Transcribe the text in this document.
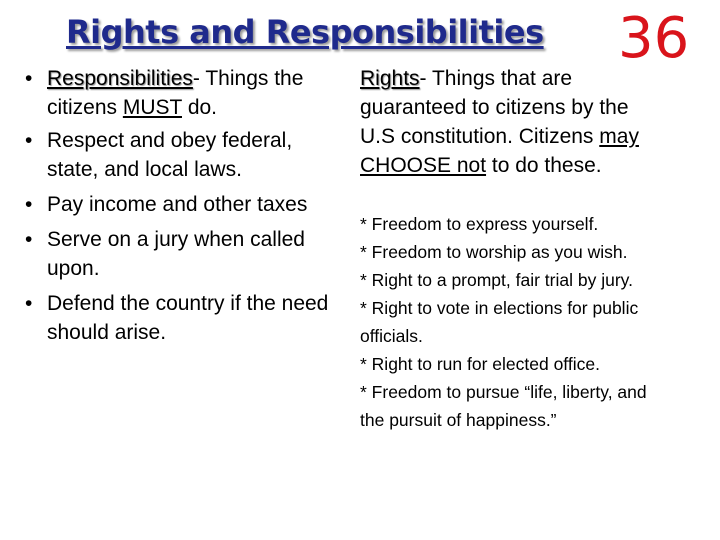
Rights and Responsibilities 36
• Responsibilities- Things the citizens MUST do.
• Respect and obey federal, state, and local laws.
• Pay income and other taxes
• Serve on a jury when called upon.
• Defend the country if the need should arise.
Rights- Things that are guaranteed to citizens by the U.S constitution. Citizens may CHOOSE not to do these.

* Freedom to express yourself.

* Freedom to worship as you wish.

* Right to a prompt, fair trial by jury.

* Right to vote in elections for public officials.

* Right to run for elected office.

* Freedom to pursue “life, liberty, and the pursuit of happiness.”
